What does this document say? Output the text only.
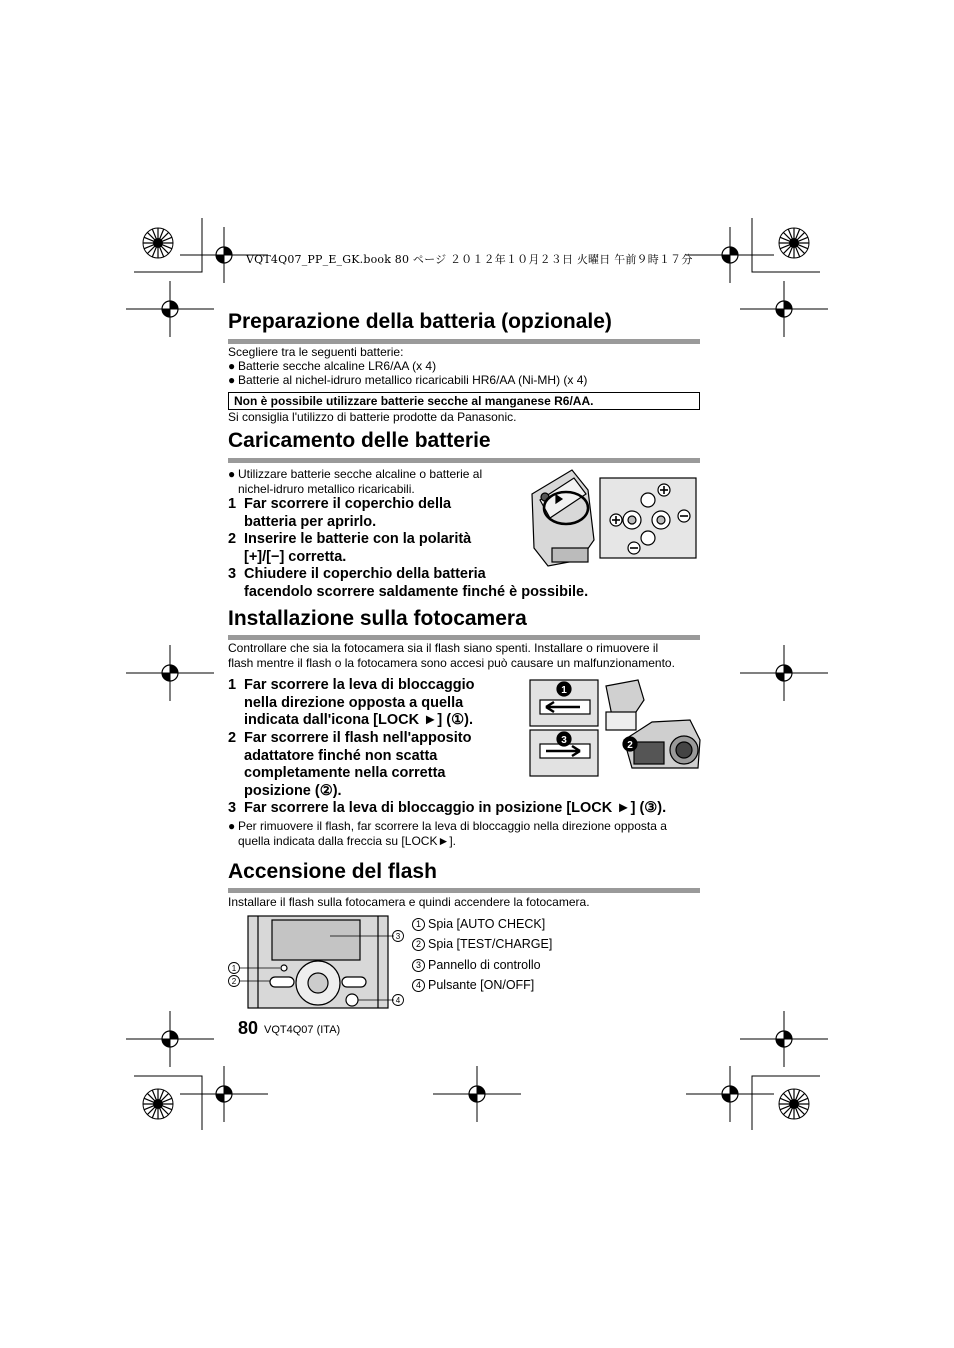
VQT4Q07_PP_E_GK.book 80 ページ ２０１２年１０月２３日 火曜日 午前９時１７分
Preparazione della batteria (opzionale)
Scegliere tra le seguenti batterie:
● Batterie secche alcaline LR6/AA (x 4)
● Batterie al nichel-idruro metallico ricaricabili HR6/AA (Ni-MH) (x 4)
Non è possibile utilizzare batterie secche al manganese R6/AA.
Si consiglia l'utilizzo di batterie prodotte da Panasonic.
Caricamento delle batterie
● Utilizzare batterie secche alcaline o batterie al
nichel-idruro metallico ricaricabili.
1 Far scorrere il coperchio della
batteria per aprirlo.
2 Inserire le batterie con la polarità
[+]/[−] corretta.
3 Chiudere il coperchio della batteria
facendolo scorrere saldamente finché è possibile.
Installazione sulla fotocamera
Controllare che sia la fotocamera sia il flash siano spenti. Installare o rimuovere il
flash mentre il flash o la fotocamera sono accesi può causare un malfunzionamento.
1 Far scorrere la leva di bloccaggio
nella direzione opposta a quella
indicata dall'icona [LOCK ►] (①).
2 Far scorrere il flash nell'apposito
adattatore finché non scatta
completamente nella corretta
posizione (②).
3 Far scorrere la leva di bloccaggio in posizione [LOCK ►] (③).
● Per rimuovere il flash, far scorrere la leva di bloccaggio nella direzione opposta a
quella indicata dalla freccia su [LOCK►].
1
3	2
Accensione del flash
Installare il flash sulla fotocamera e quindi accendere la fotocamera.
3
1
2
4
1 Spia [AUTO CHECK]
2 Spia [TEST/CHARGE]
3 Pannello di controllo
4 Pulsante [ON/OFF]
80 VQT4Q07 (ITA)
